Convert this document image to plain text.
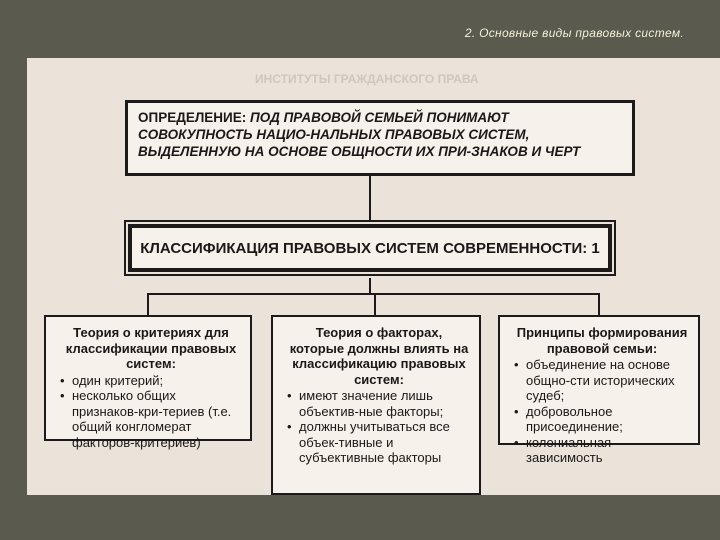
2. Основные виды правовых систем.
ИНСТИТУТЫ ГРАЖДАНСКОГО ПРАВА
ОПРЕДЕЛЕНИЕ: ПОД ПРАВОВОЙ СЕМЬЕЙ ПОНИМАЮТ СОВОКУПНОСТЬ НАЦИО-НАЛЬНЫХ ПРАВОВЫХ СИСТЕМ, ВЫДЕЛЕННУЮ НА ОСНОВЕ ОБЩНОСТИ ИХ ПРИ-ЗНАКОВ И ЧЕРТ
КЛАССИФИКАЦИЯ ПРАВОВЫХ СИСТЕМ СОВРЕМЕННОСТИ: 1
Теория о критериях для классификации правовых систем:
• один критерий;
• несколько общих признаков-кри-териев (т.е. общий конгломерат факторов-критериев)
Теория о факторах, которые должны влиять на классификацию правовых систем:
• имеют значение лишь объектив-ные факторы;
• должны учитываться все объек-тивные и субъективные факторы
Принципы формирования правовой семьи:
• объединение на основе общно-сти исторических судеб;
• добровольное присоединение;
• колониальная зависимость
